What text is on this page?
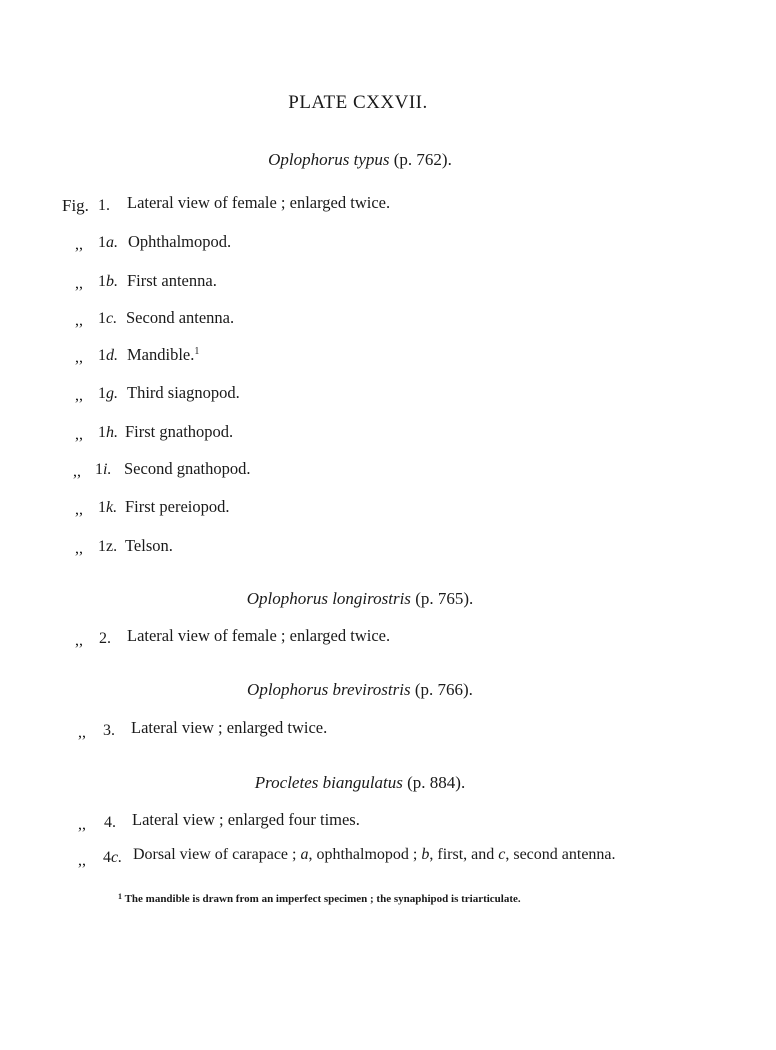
PLATE CXXVII.
Oplophorus typus (p. 762).
Fig. 1. Lateral view of female ; enlarged twice.
,, 1a. Ophthalmopod.
,, 1b. First antenna.
,, 1c. Second antenna.
,, 1d. Mandible.$^1$
,, 1g. Third siagnopod.
,, 1h. First gnathopod.
,, 1i. Second gnathopod.
,, 1k. First pereiopod.
,, 1z. Telson.
Oplophorus longirostris (p. 765).
,, 2. Lateral view of female ; enlarged twice.
Oplophorus brevirostris (p. 766).
,, 3. Lateral view ; enlarged twice.
Procletes biangulatus (p. 884).
,, 4. Lateral view ; enlarged four times.
,, 4c. Dorsal view of carapace ; a, ophthalmopod ; b, first, and c, second antenna.
$^1$ The mandible is drawn from an imperfect specimen ; the synaphipod is triarticulate.
